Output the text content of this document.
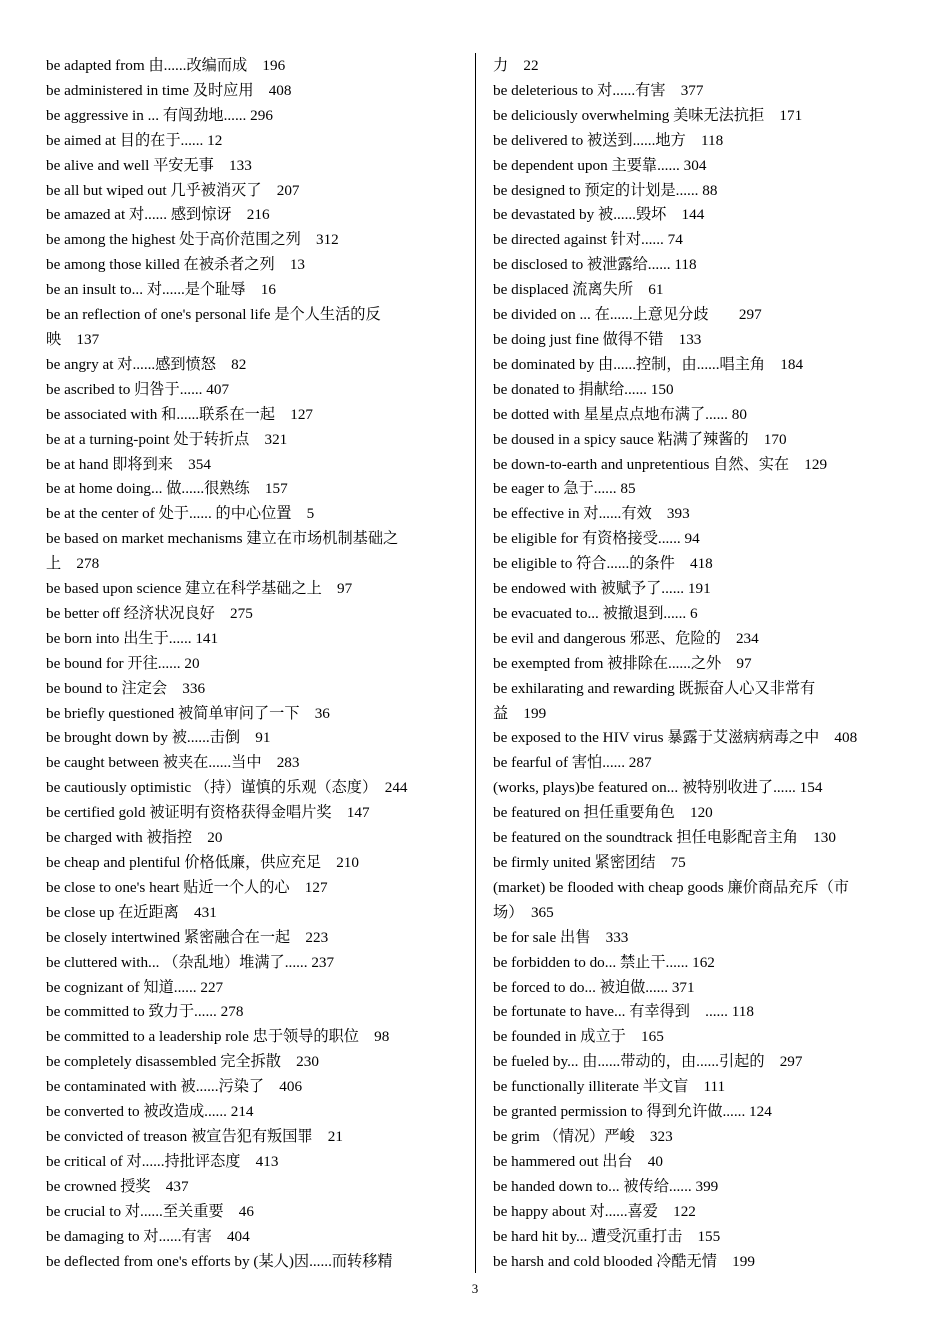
be adapted from 由......改编而成　196
be administered in time 及时应用　408
be aggressive in ... 有闯劲地...... 296
be aimed at 目的在于...... 12
be alive and well 平安无事　133
be all but wiped out 几乎被消灭了　207
be amazed at 对...... 感到惊讶　216
be among the highest 处于高价范围之列　312
be among those killed 在被杀者之列　13
be an insult to... 对......是个耻辱　16
be an reflection of one's personal life 是个人生活的反
映　137
be angry at 对......感到愤怒　82
be ascribed to 归咎于...... 407
be associated with 和......联系在一起　127
be at a turning-point 处于转折点　321
be at hand 即将到来　354
be at home doing... 做......很熟练　157
be at the center of 处于...... 的中心位置　5
be based on market mechanisms 建立在市场机制基础之
上　278
be based upon science 建立在科学基础之上　97
be better off 经济状况良好　275
be born into 出生于...... 141
be bound for 开往...... 20
be bound to 注定会　336
be briefly questioned 被简单审问了一下　36
be brought down by 被......击倒　91
be caught between 被夹在......当中　283
be cautiously optimistic （持）谨慎的乐观（态度）　244
be certified gold 被证明有资格获得金唱片奖　147
be charged with 被指控　20
be cheap and plentiful 价格低廉，供应充足　210
be close to one's heart 贴近一个人的心　127
be close up 在近距离　431
be closely intertwined 紧密融合在一起　223
be cluttered with... （杂乱地）堆满了...... 237
be cognizant of 知道...... 227
be committed to 致力于...... 278
be committed to a leadership role 忠于领导的职位　98
be completely disassembled 完全拆散　230
be contaminated with 被......污染了　406
be converted to 被改造成...... 214
be convicted of treason 被宣告犯有叛国罪　21
be critical of 对......持批评态度　413
be crowned 授奖　437
be crucial to 对......至关重要　46
be damaging to 对......有害　404
be deflected from one's efforts by (某人)因......而转移精
力　22
be deleterious to 对......有害　377
be deliciously overwhelming 美味无法抗拒　171
be delivered to 被送到......地方　118
be dependent upon 主要靠...... 304
be designed to 预定的计划是...... 88
be devastated by 被......毁坏　144
be directed against 针对...... 74
be disclosed to 被泄露给...... 118
be displaced 流离失所　61
be divided on ... 在......上意见分歧　　297
be doing just fine 做得不错　133
be dominated by 由......控制，由......唱主角　184
be donated to 捐献给...... 150
be dotted with 星星点点地布满了...... 80
be doused in a spicy sauce 粘满了辣酱的　170
be down-to-earth and unpretentious 自然、实在　129
be eager to 急于...... 85
be effective in 对......有效　393
be eligible for 有资格接受...... 94
be eligible to 符合......的条件　418
be endowed with 被赋予了...... 191
be evacuated to... 被撤退到...... 6
be evil and dangerous 邪恶、危险的　234
be exempted from 被排除在......之外　97
be exhilarating and rewarding 既振奋人心又非常有
益　199
be exposed to the HIV virus 暴露于艾滋病病毒之中　408
be fearful of 害怕...... 287
(works, plays)be featured on... 被特别收进了...... 154
be featured on 担任重要角色　120
be featured on the soundtrack 担任电影配音主角　130
be firmly united 紧密团结　75
(market) be flooded with cheap goods 廉价商品充斥（市
场）　365
be for sale 出售　333
be forbidden to do... 禁止干...... 162
be forced to do... 被迫做...... 371
be fortunate to have... 有幸得到　...... 118
be founded in 成立于　165
be fueled by... 由......带动的，由......引起的　297
be functionally illiterate 半文盲　111
be granted permission to 得到允许做...... 124
be grim （情况）严峻　323
be hammered out 出台　40
be handed down to... 被传给...... 399
be happy about 对......喜爱　122
be hard hit by... 遭受沉重打击　155
be harsh and cold blooded 冷酷无情　199
3
